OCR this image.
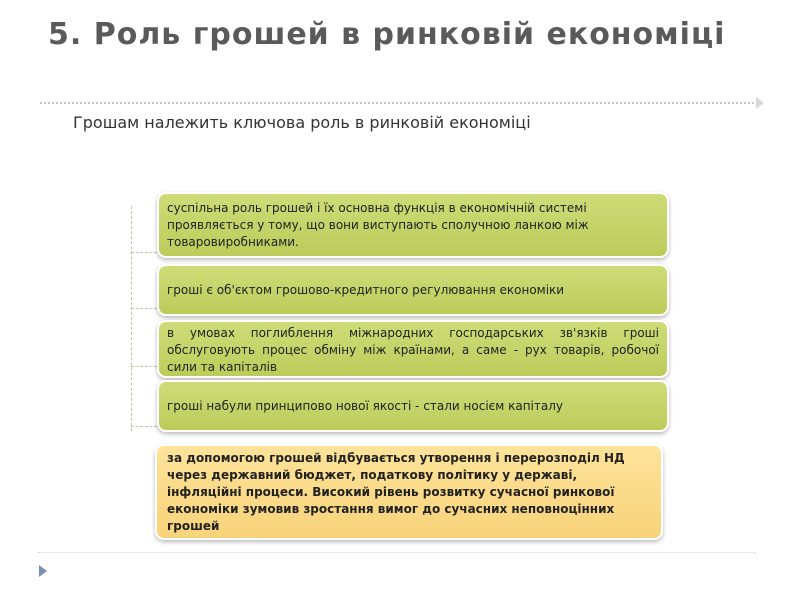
5. Роль грошей в ринковій економіці

Грошам належить ключова роль в ринковій економіці

суспільна роль грошей і їх основна функція в економічній системі проявляється у тому, що вони виступають сполучною ланкою між товаровиробниками.
гроші є об'єктом грошово-кредитного регулювання економіки
в умовах поглиблення міжнародних господарських зв'язків гроші обслуговують процес обміну між країнами, а саме - рух товарів, робочої сили та капіталів
гроші набули принципово нової якості - стали носієм капіталу
за допомогою грошей відбувається утворення і перерозподіл НД через державний бюджет, податкову політику у державі, інфляційні процеси. Високий рівень розвитку сучасної ринкової економіки зумовив зростання вимог до сучасних неповноцінних грошей
